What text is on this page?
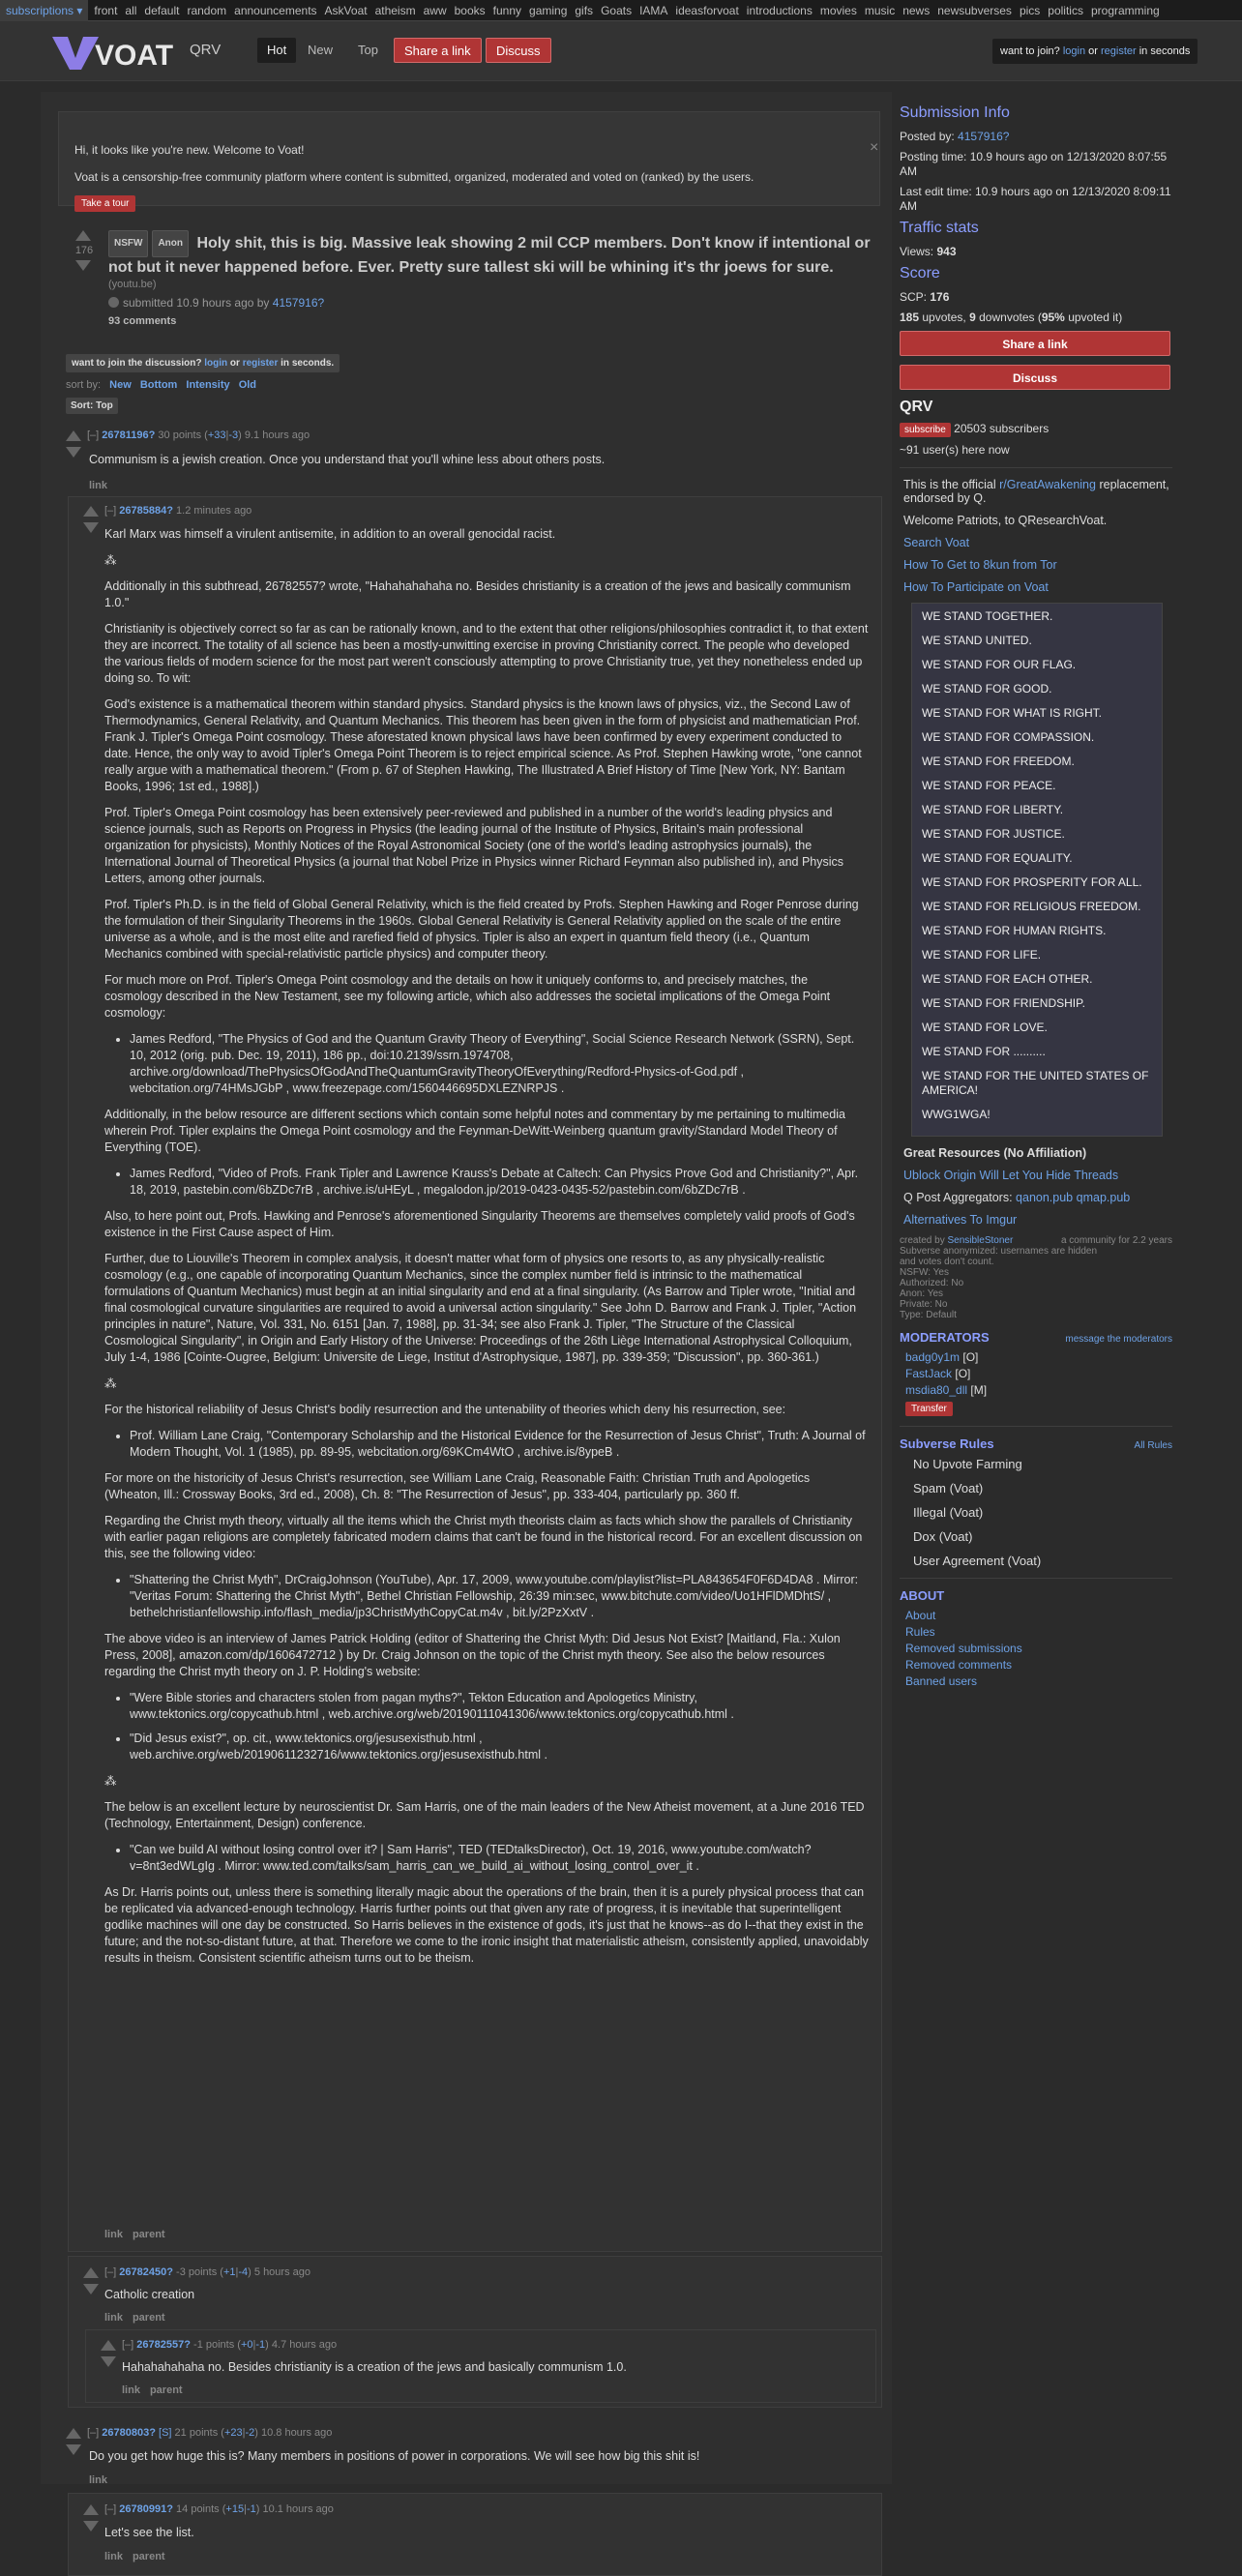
subscriptions ▾ front all default random announcements AskVoat atheism aww books funny gaming gifs Goats IAMA ideasforvoat introductions movies music news newsubverses pics politics programming
VOAT QRV	Hot	New	Top	Share a link	Discuss	want to join? login or register in seconds
Hi, it looks like you're new. Welcome to Voat!
Voat is a censorship-free community platform where content is submitted, organized, moderated and voted on (ranked) by the users.
Take a tour
×
176
NSFW Anon Holy shit, this is big. Massive leak showing 2 mil CCP members. Don't know if intentional or not but it never happened before. Ever. Pretty sure tallest ski will be whining it's thr joews for sure.
(youtu.be)
submitted 10.9 hours ago by 4157916?
93 comments
want to join the discussion? login or register in seconds.
sort by: New Bottom Intensity Old
Sort: Top
[–] 26781196? 30 points (+33|-3) 9.1 hours ago
Communism is a jewish creation. Once you understand that you'll whine less about others posts.
link
[–] 26785884? 1.2 minutes ago

Karl Marx was himself a virulent antisemite, in addition to an overall genocidal racist.

⁂

Additionally in this subthread, 26782557? wrote, "Hahahahahaha no. Besides christianity is a creation of the jews and basically communism 1.0."

Christianity is objectively correct so far as can be rationally known, and to the extent that other religions/philosophies contradict it, to that extent they are incorrect. The totality of all science has been a mostly-unwitting exercise in proving Christianity correct. The people who developed the various fields of modern science for the most part weren't consciously attempting to prove Christianity true, yet they nonetheless ended up doing so. To wit:

God's existence is a mathematical theorem within standard physics. Standard physics is the known laws of physics, viz., the Second Law of Thermodynamics, General Relativity, and Quantum Mechanics. This theorem has been given in the form of physicist and mathematician Prof. Frank J. Tipler's Omega Point cosmology. These aforestated known physical laws have been confirmed by every experiment conducted to date. Hence, the only way to avoid Tipler's Omega Point Theorem is to reject empirical science. As Prof. Stephen Hawking wrote, "one cannot really argue with a mathematical theorem." (From p. 67 of Stephen Hawking, The Illustrated A Brief History of Time [New York, NY: Bantam Books, 1996; 1st ed., 1988].)

Prof. Tipler's Omega Point cosmology has been extensively peer-reviewed and published in a number of the world's leading physics and science journals, such as Reports on Progress in Physics (the leading journal of the Institute of Physics, Britain's main professional organization for physicists), Monthly Notices of the Royal Astronomical Society (one of the world's leading astrophysics journals), the International Journal of Theoretical Physics (a journal that Nobel Prize in Physics winner Richard Feynman also published in), and Physics Letters, among other journals.

Prof. Tipler's Ph.D. is in the field of Global General Relativity, which is the field created by Profs. Stephen Hawking and Roger Penrose during the formulation of their Singularity Theorems in the 1960s. Global General Relativity is General Relativity applied on the scale of the entire universe as a whole, and is the most elite and rarefied field of physics. Tipler is also an expert in quantum field theory (i.e., Quantum Mechanics combined with special-relativistic particle physics) and computer theory.

For much more on Prof. Tipler's Omega Point cosmology and the details on how it uniquely conforms to, and precisely matches, the cosmology described in the New Testament, see my following article, which also addresses the societal implications of the Omega Point cosmology:

• James Redford, "The Physics of God and the Quantum Gravity Theory of Everything", Social Science Research Network (SSRN), Sept. 10, 2012 (orig. pub. Dec. 19, 2011), 186 pp., doi:10.2139/ssrn.1974708, archive.org/download/ThePhysicsOfGodAndTheQuantumGravityTheoryOfEverything/Redford-Physics-of-God.pdf , webcitation.org/74HMsJGbP , www.freezepage.com/1560446695DXLEZNRPJS .

Additionally, in the below resource are different sections which contain some helpful notes and commentary by me pertaining to multimedia wherein Prof. Tipler explains the Omega Point cosmology and the Feynman-DeWitt-Weinberg quantum gravity/Standard Model Theory of Everything (TOE).

• James Redford, "Video of Profs. Frank Tipler and Lawrence Krauss's Debate at Caltech: Can Physics Prove God and Christianity?", Apr. 18, 2019, pastebin.com/6bZDc7rB , archive.is/uHEyL , megalodon.jp/2019-0423-0435-52/pastebin.com/6bZDc7rB .

Also, to here point out, Profs. Hawking and Penrose's aforementioned Singularity Theorems are themselves completely valid proofs of God's existence in the First Cause aspect of Him.

Further, due to Liouville's Theorem in complex analysis, it doesn't matter what form of physics one resorts to, as any physically-realistic cosmology (e.g., one capable of incorporating Quantum Mechanics, since the complex number field is intrinsic to the mathematical formulations of Quantum Mechanics) must begin at an initial singularity and end at a final singularity. (As Barrow and Tipler wrote, "Initial and final cosmological curvature singularities are required to avoid a universal action singularity." See John D. Barrow and Frank J. Tipler, "Action principles in nature", Nature, Vol. 331, No. 6151 [Jan. 7, 1988], pp. 31-34; see also Frank J. Tipler, "The Structure of the Classical Cosmological Singularity", in Origin and Early History of the Universe: Proceedings of the 26th Liège International Astrophysical Colloquium, July 1-4, 1986 [Cointe-Ougree, Belgium: Universite de Liege, Institut d'Astrophysique, 1987], pp. 339-359; "Discussion", pp. 360-361.)

⁂

For the historical reliability of Jesus Christ's bodily resurrection and the untenability of theories which deny his resurrection, see:

• Prof. William Lane Craig, "Contemporary Scholarship and the Historical Evidence for the Resurrection of Jesus Christ", Truth: A Journal of Modern Thought, Vol. 1 (1985), pp. 89-95, webcitation.org/69KCm4WtO , archive.is/8ypeB .

For more on the historicity of Jesus Christ's resurrection, see William Lane Craig, Reasonable Faith: Christian Truth and Apologetics (Wheaton, Ill.: Crossway Books, 3rd ed., 2008), Ch. 8: "The Resurrection of Jesus", pp. 333-404, particularly pp. 360 ff.

Regarding the Christ myth theory, virtually all the items which the Christ myth theorists claim as facts which show the parallels of Christianity with earlier pagan religions are completely fabricated modern claims that can't be found in the historical record. For an excellent discussion on this, see the following video:

• "Shattering the Christ Myth", DrCraigJohnson (YouTube), Apr. 17, 2009, www.youtube.com/playlist?list=PLA843654F0F6D4DA8 . Mirror: "Veritas Forum: Shattering the Christ Myth", Bethel Christian Fellowship, 26:39 min:sec, www.bitchute.com/video/Uo1HFlDMDhtS/ , bethelchristianfellowship.info/flash_media/jp3ChristMythCopyCat.m4v , bit.ly/2PzXxtV .

The above video is an interview of James Patrick Holding (editor of Shattering the Christ Myth: Did Jesus Not Exist? [Maitland, Fla.: Xulon Press, 2008], amazon.com/dp/1606472712 ) by Dr. Craig Johnson on the topic of the Christ myth theory. See also the below resources regarding the Christ myth theory on J. P. Holding's website:

• "Were Bible stories and characters stolen from pagan myths?", Tekton Education and Apologetics Ministry, www.tektonics.org/copycathub.html , web.archive.org/web/20190111041306/www.tektonics.org/copycathub.html .
• "Did Jesus exist?", op. cit., www.tektonics.org/jesusexisthub.html , web.archive.org/web/20190611232716/www.tektonics.org/jesusexisthub.html .

⁂

The below is an excellent lecture by neuroscientist Dr. Sam Harris, one of the main leaders of the New Atheist movement, at a June 2016 TED (Technology, Entertainment, Design) conference.

• "Can we build AI without losing control over it? | Sam Harris", TED (TEDtalksDirector), Oct. 19, 2016, www.youtube.com/watch?v=8nt3edWLgIg . Mirror: www.ted.com/talks/sam_harris_can_we_build_ai_without_losing_control_over_it .

As Dr. Harris points out, unless there is something literally magic about the operations of the brain, then it is a purely physical process that can be replicated via advanced-enough technology. Harris further points out that given any rate of progress, it is inevitable that superintelligent godlike machines will one day be constructed. So Harris believes in the existence of gods, it's just that he knows--as do I--that they exist in the future; and the not-so-distant future, at that. Therefore we come to the ironic insight that materialistic atheism, consistently applied, unavoidably results in theism. Consistent scientific atheism turns out to be theism.

link parent
[–] 26782450? -3 points (+1|-4) 5 hours ago
Catholic creation
link parent
[–] 26782557? -1 points (+0|-1) 4.7 hours ago
Hahahahahaha no. Besides christianity is a creation of the jews and basically communism 1.0.
link parent
[–] 26780803? [S] 21 points (+23|-2) 10.8 hours ago
Do you get how huge this is? Many members in positions of power in corporations. We will see how big this shit is!
link
[–] 26780991? 14 points (+15|-1) 10.1 hours ago
Let's see the list.
link parent
Submission Info
Posted by: 4157916?
Posting time: 10.9 hours ago on 12/13/2020 8:07:55 AM
Last edit time: 10.9 hours ago on 12/13/2020 8:09:11 AM
Traffic stats
Views: 943
Score
SCP: 176
185 upvotes, 9 downvotes (95% upvoted it)
Share a link
Discuss
QRV
subscribe 20503 subscribers
~91 user(s) here now
This is the official r/GreatAwakening replacement, endorsed by Q.
Welcome Patriots, to QResearchVoat.
Search Voat
How To Get to 8kun from Tor
How To Participate on Voat
WE STAND TOGETHER.
WE STAND UNITED.
WE STAND FOR OUR FLAG.
WE STAND FOR GOOD.
WE STAND FOR WHAT IS RIGHT.
WE STAND FOR COMPASSION.
WE STAND FOR FREEDOM.
WE STAND FOR PEACE.
WE STAND FOR LIBERTY.
WE STAND FOR JUSTICE.
WE STAND FOR EQUALITY.
WE STAND FOR PROSPERITY FOR ALL.
WE STAND FOR RELIGIOUS FREEDOM.
WE STAND FOR HUMAN RIGHTS.
WE STAND FOR LIFE.
WE STAND FOR EACH OTHER.
WE STAND FOR FRIENDSHIP.
WE STAND FOR LOVE.
WE STAND FOR ..........
WE STAND FOR THE UNITED STATES OF AMERICA!
WWG1WGA!
Great Resources (No Affiliation)
Ublock Origin Will Let You Hide Threads
Q Post Aggregators: qanon.pub qmap.pub
Alternatives To Imgur
created by SensibleStoner	a community for 2.2 years
Subverse anonymized: usernames are hidden and votes don't count.
NSFW: Yes
Authorized: No
Anon: Yes
Private: No
Type: Default
MODERATORS	message the moderators
badg0y1m [O]
FastJack [O]
msdia80_dll [M]
Transfer
Subverse Rules	All Rules
No Upvote Farming
Spam (Voat)
Illegal (Voat)
Dox (Voat)
User Agreement (Voat)
ABOUT
About
Rules
Removed submissions
Removed comments
Banned users
